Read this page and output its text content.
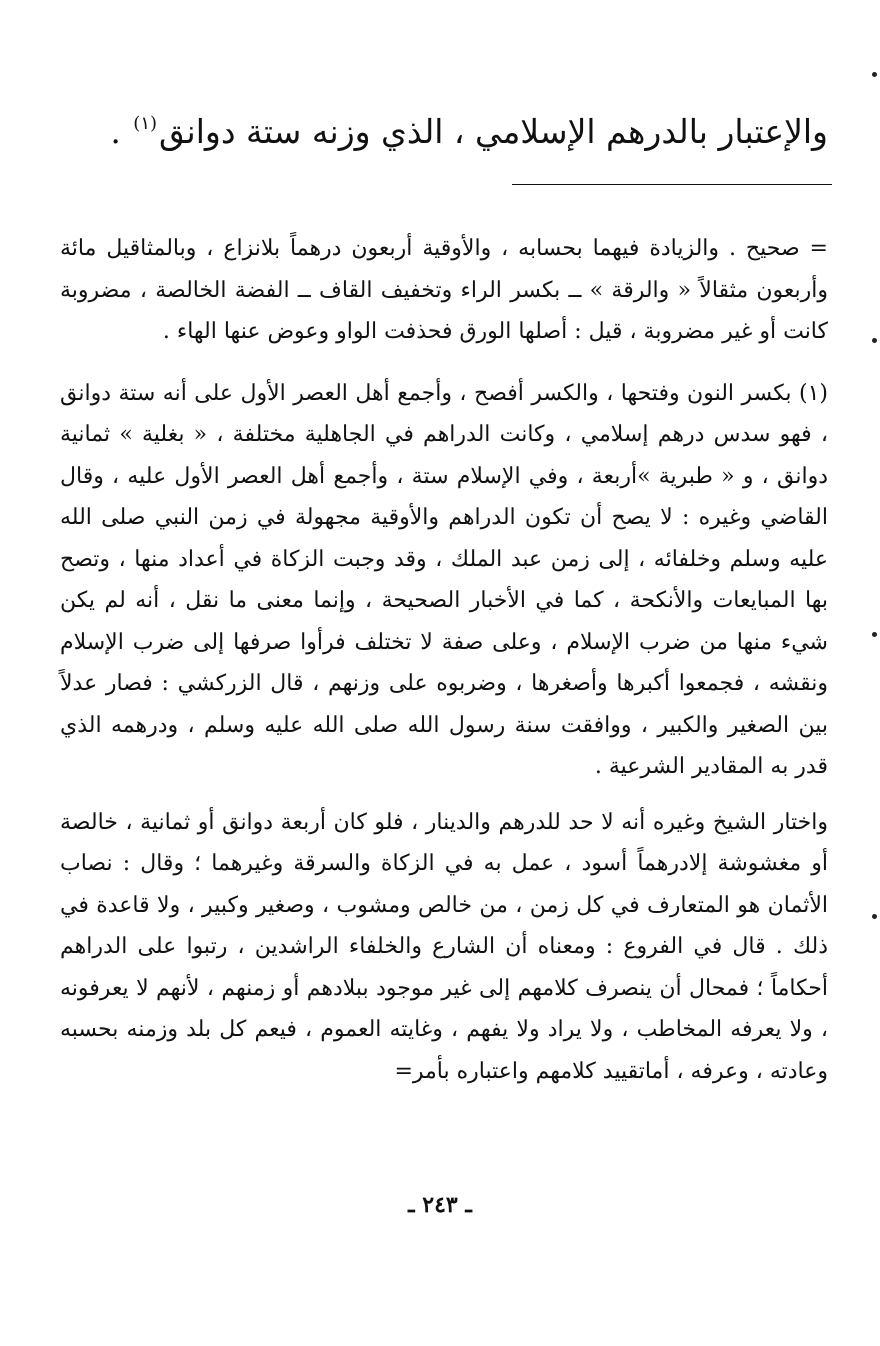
والإعتبار بالدرهم الإسلامي ، الذي وزنه ستة دوانق$^{(١)}$ .

= صحيح . والزيادة فيهما بحسابه ، والأوقية أربعون درهماً بلانزاع ، وبالمثاقيل مائة وأربعون مثقالاً « والرقة » ــ بكسر الراء وتخفيف القاف ــ الفضة الخالصة ، مضروبة كانت أو غير مضروبة ، قيل : أصلها الورق فحذفت الواو وعوض عنها الهاء .

(١) بكسر النون وفتحها ، والكسر أفصح ، وأجمع أهل العصر الأول على أنه ستة دوانق ، فهو سدس درهم إسلامي ، وكانت الدراهم في الجاهلية مختلفة ، « بغلية » ثمانية دوانق ، و « طبرية »أربعة ، وفي الإسلام ستة ، وأجمع أهل العصر الأول عليه ، وقال القاضي وغيره : لا يصح أن تكون الدراهم والأوقية مجهولة في زمن النبي صلى الله عليه وسلم وخلفائه ، إلى زمن عبد الملك ، وقد وجبت الزكاة في أعداد منها ، وتصح بها المبايعات والأنكحة ، كما في الأخبار الصحيحة ، وإنما معنى ما نقل ، أنه لم يكن شيء منها من ضرب الإسلام ، وعلى صفة لا تختلف فرأوا صرفها إلى ضرب الإسلام ونقشه ، فجمعوا أكبرها وأصغرها ، وضربوه على وزنهم ، قال الزركشي : فصار عدلاً بين الصغير والكبير ، ووافقت سنة رسول الله صلى الله عليه وسلم ، ودرهمه الذي قدر به المقادير الشرعية .

واختار الشيخ وغيره أنه لا حد للدرهم والدينار ، فلو كان أربعة دوانق أو ثمانية ، خالصة أو مغشوشة إلادرهماً أسود ، عمل به في الزكاة والسرقة وغيرهما ؛ وقال : نصاب الأثمان هو المتعارف في كل زمن ، من خالص ومشوب ، وصغير وكبير ، ولا قاعدة في ذلك . قال في الفروع : ومعناه أن الشارع والخلفاء الراشدين ، رتبوا على الدراهم أحكاماً ؛ فمحال أن ينصرف كلامهم إلى غير موجود ببلادهم أو زمنهم ، لأنهم لا يعرفونه ، ولا يعرفه المخاطب ، ولا يراد ولا يفهم ، وغايته العموم ، فيعم كل بلد وزمنه بحسبه وعادته ، وعرفه ، أماتقييد كلامهم واعتباره بأمر=

ـ ٢٤٣ ـ
